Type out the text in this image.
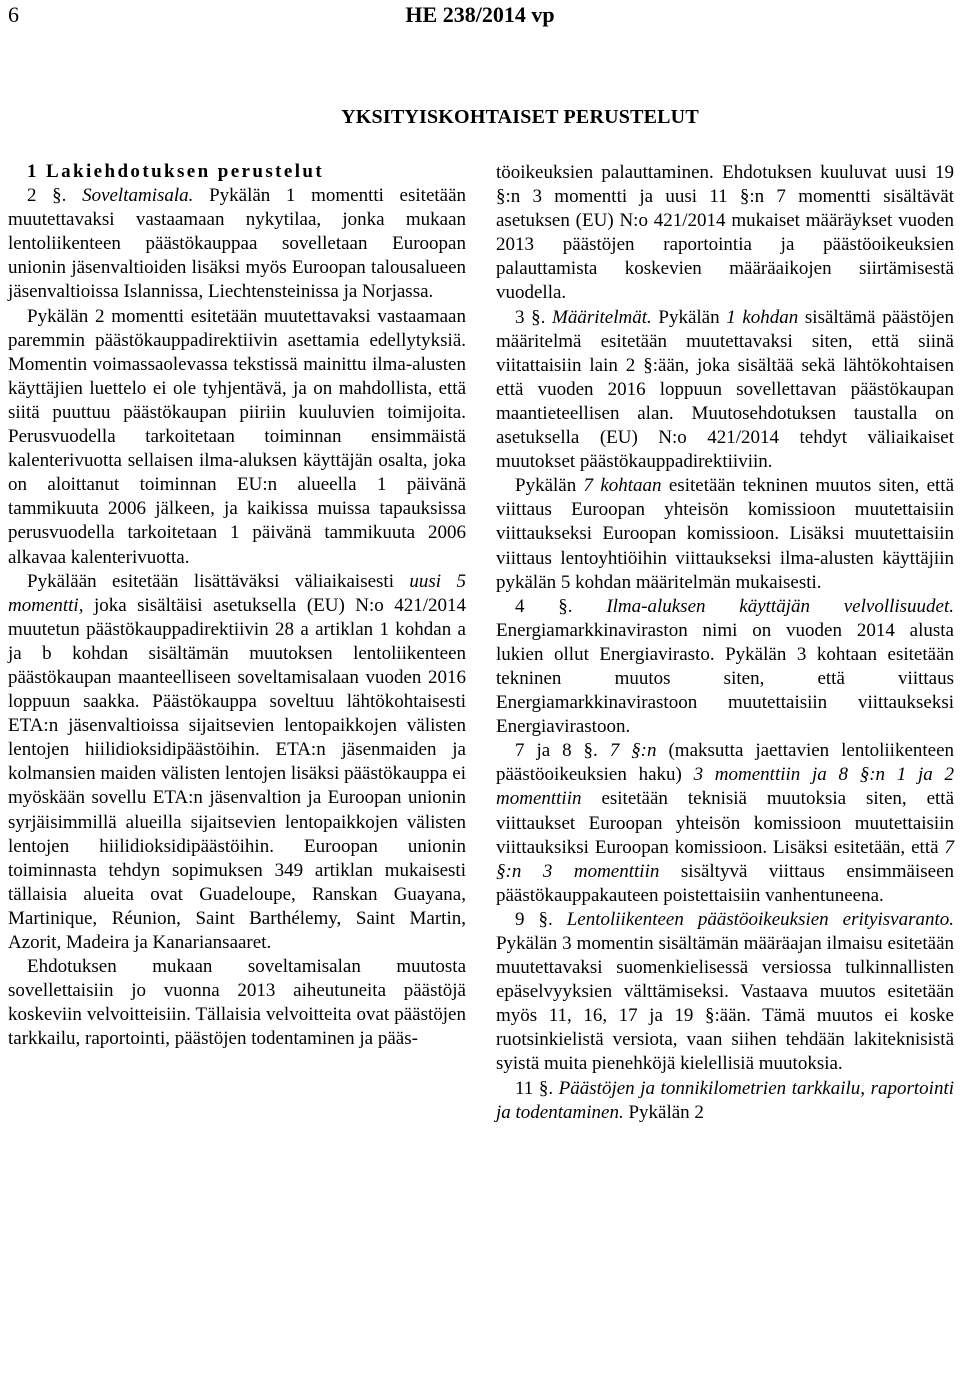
6	HE 238/2014 vp
YKSITYISKOHTAISET PERUSTELUT

1 Lakiehdotuksen perustelut

2 §. Soveltamisala. Pykälän 1 momentti esitetään muutettavaksi vastaamaan nykytilaa, jonka mukaan lentoliikenteen päästökauppaa sovelletaan Euroopan unionin jäsenvaltioiden lisäksi myös Euroopan talousalueen jäsenvaltioissa Islannissa, Liechtensteinissa ja Norjassa.

Pykälän 2 momentti esitetään muutettavaksi vastaamaan paremmin päästökauppadirektiivin asettamia edellytyksiä. Momentin voimassaolevassa tekstissä mainittu ilma-alusten käyttäjien luettelo ei ole tyhjentävä, ja on mahdollista, että siitä puuttuu päästökaupan piiriin kuuluvien toimijoita. Perusvuodella tarkoitetaan toiminnan ensimmäistä kalenterivuotta sellaisen ilma-aluksen käyttäjän osalta, joka on aloittanut toiminnan EU:n alueella 1 päivänä tammikuuta 2006 jälkeen, ja kaikissa muissa tapauksissa perusvuodella tarkoitetaan 1 päivänä tammikuuta 2006 alkavaa kalenterivuotta.

Pykälään esitetään lisättäväksi väliaikaisesti uusi 5 momentti, joka sisältäisi asetuksella (EU) N:o 421/2014 muutetun päästökauppadirektiivin 28 a artiklan 1 kohdan a ja b kohdan sisältämän muutoksen lentoliikenteen päästökaupan maanteelliseen soveltamisalaan vuoden 2016 loppuun saakka. Päästökauppa soveltuu lähtökohtaisesti ETA:n jäsenvaltioissa sijaitsevien lentopaikkojen välisten lentojen hiilidioksidipäästöihin. ETA:n jäsenmaiden ja kolmansien maiden välisten lentojen lisäksi päästökauppa ei myöskään sovellu ETA:n jäsenvaltion ja Euroopan unionin syrjäisimmillä alueilla sijaitsevien lentopaikkojen välisten lentojen hiilidioksidipäästöihin. Euroopan unionin toiminnasta tehdyn sopimuksen 349 artiklan mukaisesti tällaisia alueita ovat Guadeloupe, Ranskan Guayana, Martinique, Réunion, Saint Barthélemy, Saint Martin, Azorit, Madeira ja Kanariansaaret.

Ehdotuksen mukaan soveltamisalan muutosta sovellettaisiin jo vuonna 2013 aiheutuneita päästöjä koskeviin velvoitteisiin. Tällaisia velvoitteita ovat päästöjen tarkkailu, raportointi, päästöjen todentaminen ja pääs-

töoikeuksien palauttaminen. Ehdotuksen kuuluvat uusi 19 §:n 3 momentti ja uusi 11 §:n 7 momentti sisältävät asetuksen (EU) N:o 421/2014 mukaiset määräykset vuoden 2013 päästöjen raportointia ja päästöoikeuksien palauttamista koskevien määräaikojen siirtämisestä vuodella.

3 §. Määritelmät. Pykälän 1 kohdan sisältämä päästöjen määritelmä esitetään muutettavaksi siten, että siinä viitattaisiin lain 2 §:ään, joka sisältää sekä lähtökohtaisen että vuoden 2016 loppuun sovellettavan päästökaupan maantieteellisen alan. Muutosehdotuksen taustalla on asetuksella (EU) N:o 421/2014 tehdyt väliaikaiset muutokset päästökauppadirektiiviin.

Pykälän 7 kohtaan esitetään tekninen muutos siten, että viittaus Euroopan yhteisön komissioon muutettaisiin viittaukseksi Euroopan komissioon. Lisäksi muutettaisiin viittaus lentoyhtiöihin viittaukseksi ilma-alusten käyttäjiin pykälän 5 kohdan määritelmän mukaisesti.

4 §. Ilma-aluksen käyttäjän velvollisuudet. Energiamarkkinaviraston nimi on vuoden 2014 alusta lukien ollut Energiavirasto. Pykälän 3 kohtaan esitetään tekninen muutos siten, että viittaus Energiamarkkinavirastoon muutettaisiin viittaukseksi Energiavirastoon.

7 ja 8 §. 7 §:n (maksutta jaettavien lentoliikenteen päästöoikeuksien haku) 3 momenttiin ja 8 §:n 1 ja 2 momenttiin esitetään teknisiä muutoksia siten, että viittaukset Euroopan yhteisön komissioon muutettaisiin viittauksiksi Euroopan komissioon. Lisäksi esitetään, että 7 §:n 3 momenttiin sisältyvä viittaus ensimmäiseen päästökauppakauteen poistettaisiin vanhentuneena.

9 §. Lentoliikenteen päästöoikeuksien erityisvaranto. Pykälän 3 momentin sisältämän määräajan ilmaisu esitetään muutettavaksi suomenkielisessä versiossa tulkinnallisten epäselvyyksien välttämiseksi. Vastaava muutos esitetään myös 11, 16, 17 ja 19 §:ään. Tämä muutos ei koske ruotsinkielistä versiota, vaan siihen tehdään lakiteknisistä syistä muita pienehköjä kielellisiä muutoksia.

11 §. Päästöjen ja tonnikilometrien tarkkailu, raportointi ja todentaminen. Pykälän 2
